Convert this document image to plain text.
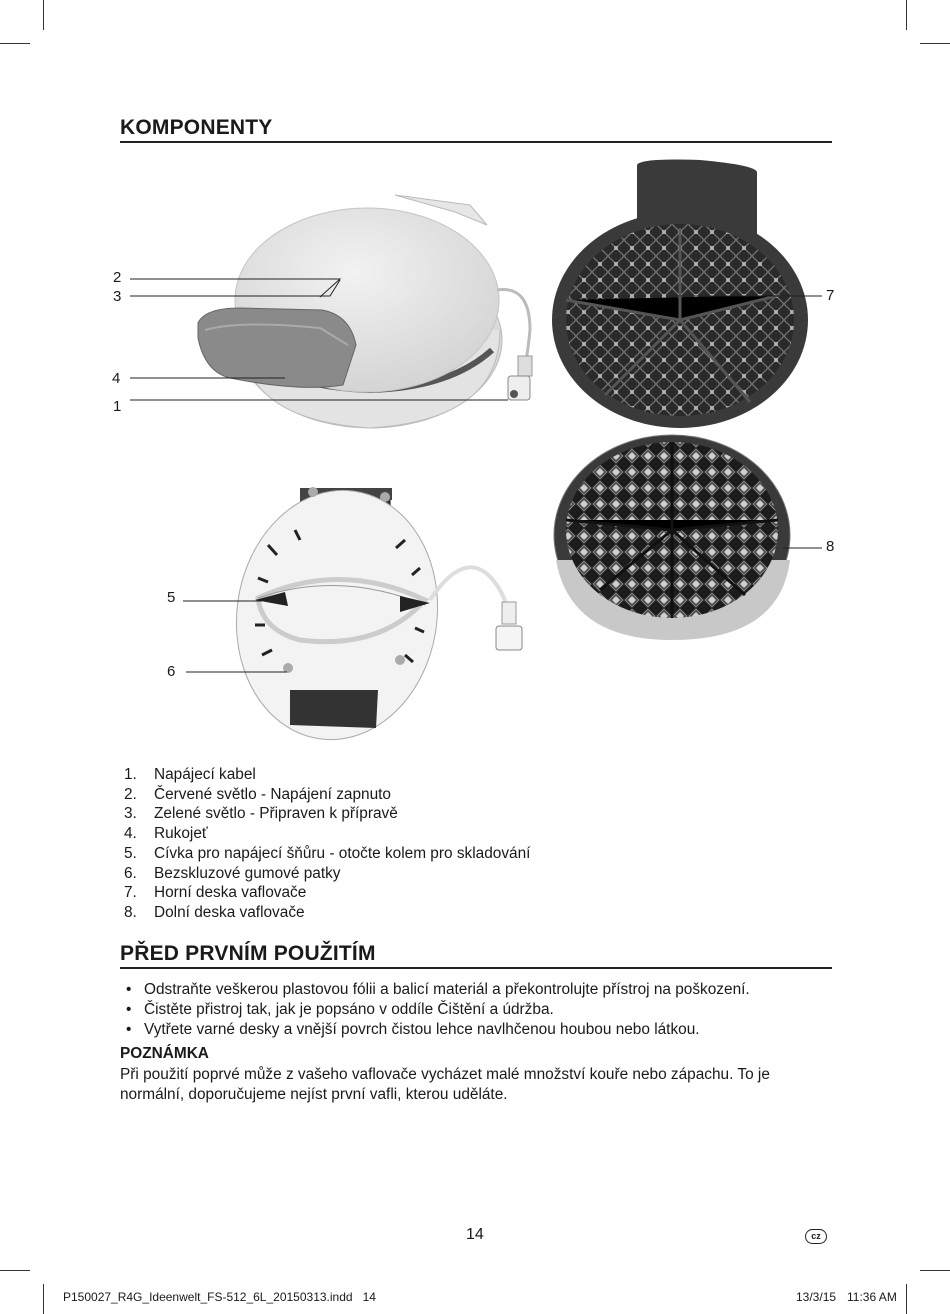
KOMPONENTY
2
3
4
1
5
6
7
8
1. Napájecí kabel
2. Červené světlo - Napájení zapnuto
3. Zelené světlo - Připraven k přípravě
4. Rukojeť
5. Cívka pro napájecí šňůru - otočte kolem pro skladování
6. Bezskluzové gumové patky
7. Horní deska vaflovače
8. Dolní deska vaflovače
PŘED PRVNÍM POUŽITÍM
• Odstraňte veškerou plastovou fólii a balicí materiál a překontrolujte přístroj na poškození.
• Čistěte přistroj tak, jak je popsáno v oddíle Čištění a údržba.
• Vytřete varné desky a vnější povrch čistou lehce navlhčenou houbou nebo látkou.
POZNÁMKA
Při použití poprvé může z vašeho vaflovače vycházet malé množství kouře nebo zápachu. To je normální, doporučujeme nejíst první vafli, kterou uděláte.
14	cz
P150027_R4G_Ideenwelt_FS-512_6L_20150313.indd   14	13/3/15 11:36 AM
